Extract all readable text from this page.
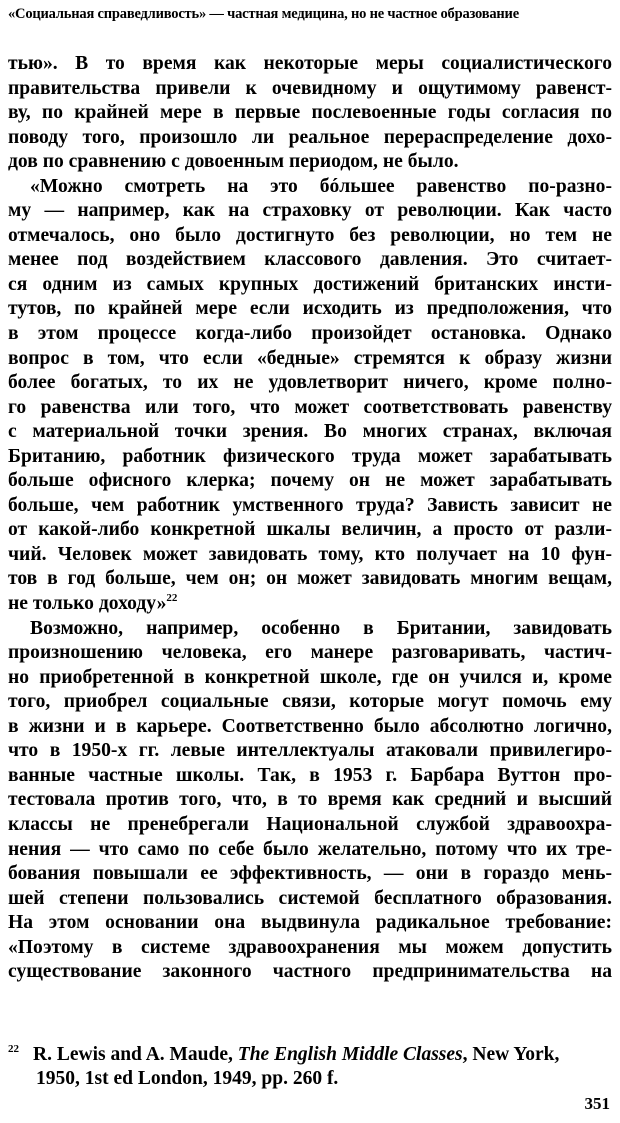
«Социальная справедливость» — частная медицина, но не частное образование
тью». В то время как некоторые меры социалистического
правительства привели к очевидному и ощутимому равенст-
ву, по крайней мере в первые послевоенные годы согласия по
поводу того, произошло ли реальное перераспределение дохо-
дов по сравнению с довоенным периодом, не было.
«Можно смотреть на это бóльшее равенство по-разно-
му — например, как на страховку от революции. Как часто
отмечалось, оно было достигнуто без революции, но тем не
менее под воздействием классового давления. Это считает-
ся одним из самых крупных достижений британских инсти-
тутов, по крайней мере если исходить из предположения, что
в этом процессе когда-либо произойдет остановка. Однако
вопрос в том, что если «бедные» стремятся к образу жизни
более богатых, то их не удовлетворит ничего, кроме полно-
го равенства или того, что может соответствовать равенству
с материальной точки зрения. Во многих странах, включая
Британию, работник физического труда может зарабатывать
больше офисного клерка; почему он не может зарабатывать
больше, чем работник умственного труда? Зависть зависит не
от какой-либо конкретной шкалы величин, а просто от разли-
чий. Человек может завидовать тому, кто получает на 10 фун-
тов в год больше, чем он; он может завидовать многим вещам,
не только доходу»$^{22}$
Возможно, например, особенно в Британии, завидовать
произношению человека, его манере разговаривать, частич-
но приобретенной в конкретной школе, где он учился и, кроме
того, приобрел социальные связи, которые могут помочь ему
в жизни и в карьере. Соответственно было абсолютно логично,
что в 1950-х гг. левые интеллектуалы атаковали привилегиро-
ванные частные школы. Так, в 1953 г. Барбара Вуттон про-
тестовала против того, что, в то время как средний и высший
классы не пренебрегали Национальной службой здравоохра-
нения — что само по себе было желательно, потому что их тре-
бования повышали ее эффективность, — они в гораздо мень-
шей степени пользовались системой бесплатного образования.
На этом основании она выдвинула радикальное требование:
«Поэтому в системе здравоохранения мы можем допустить
существование законного частного предпринимательства на
$^{22}$ R. Lewis and A. Maude, The English Middle Classes, New York,
1950, 1st ed London, 1949, pp. 260 f.
351
